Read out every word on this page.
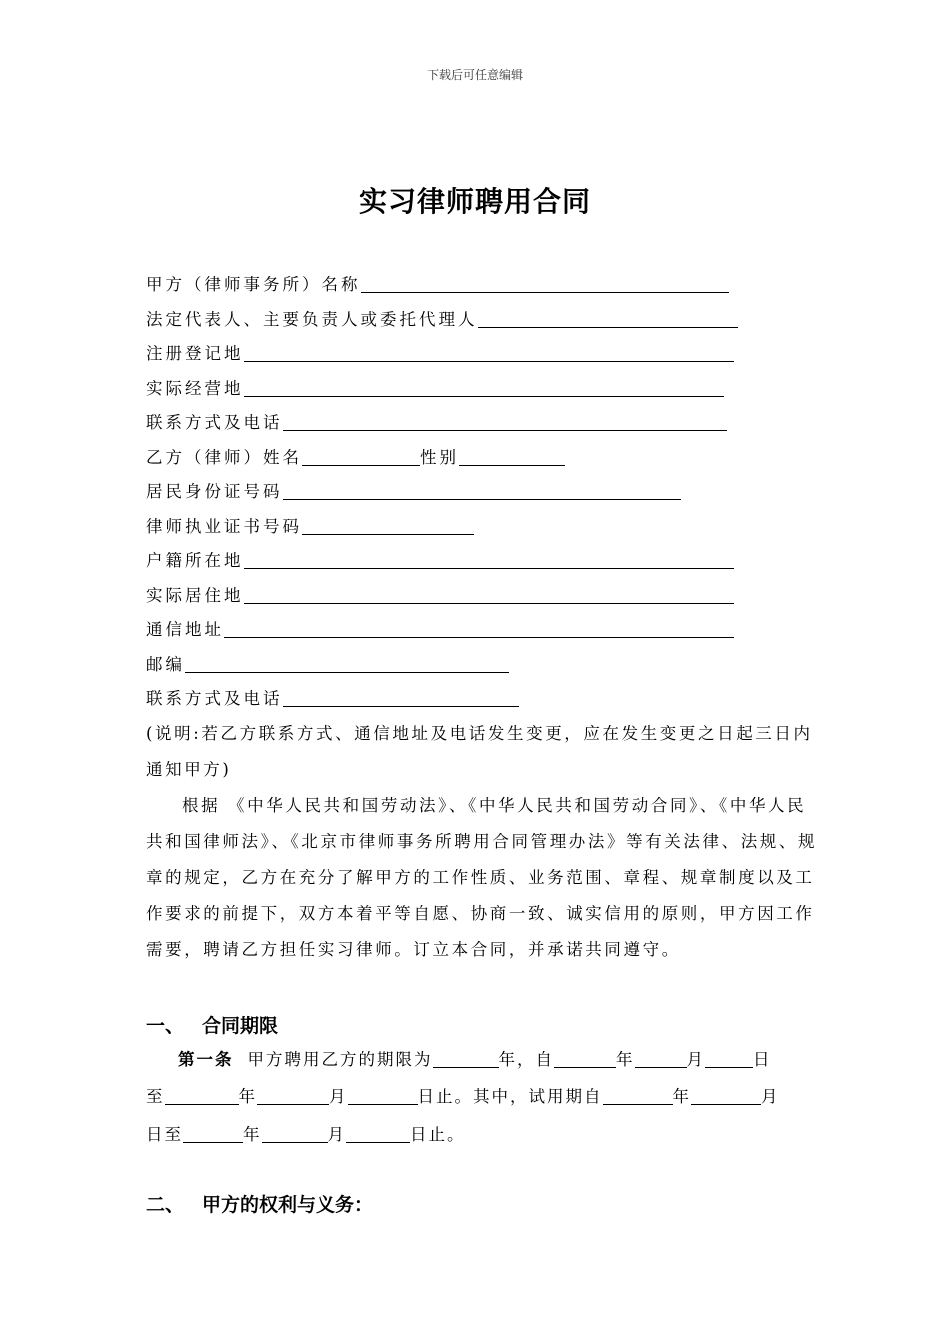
下载后可任意编辑
实习律师聘用合同
甲方（律师事务所）名称
法定代表人、主要负责人或委托代理人
注册登记地
实际经营地
联系方式及电话
乙方（律师）姓名	性别
居民身份证号码
律师执业证书号码
户籍所在地
实际居住地
通信地址
邮编
联系方式及电话
(说明:若乙方联系方式、通信地址及电话发生变更，应在发生变更之日起三日内通知甲方)
根据 《中华人民共和国劳动法》、《中华人民共和国劳动合同》、《中华人民共和国律师法》、《北京市律师事务所聘用合同管理办法》等有关法律、法规、规章的规定，乙方在充分了解甲方的工作性质、业务范围、章程、规章制度以及工作要求的前提下，双方本着平等自愿、协商一致、诚实信用的原则，甲方因工作需要，聘请乙方担任实习律师。订立本合同，并承诺共同遵守。
一、 合同期限
第一条 甲方聘用乙方的期限为	年 ，自	年	月	日
至	年	月	日止。其中，试用期自	年	月
日至	年	月	日止。
二、 甲方的权利与义务：
